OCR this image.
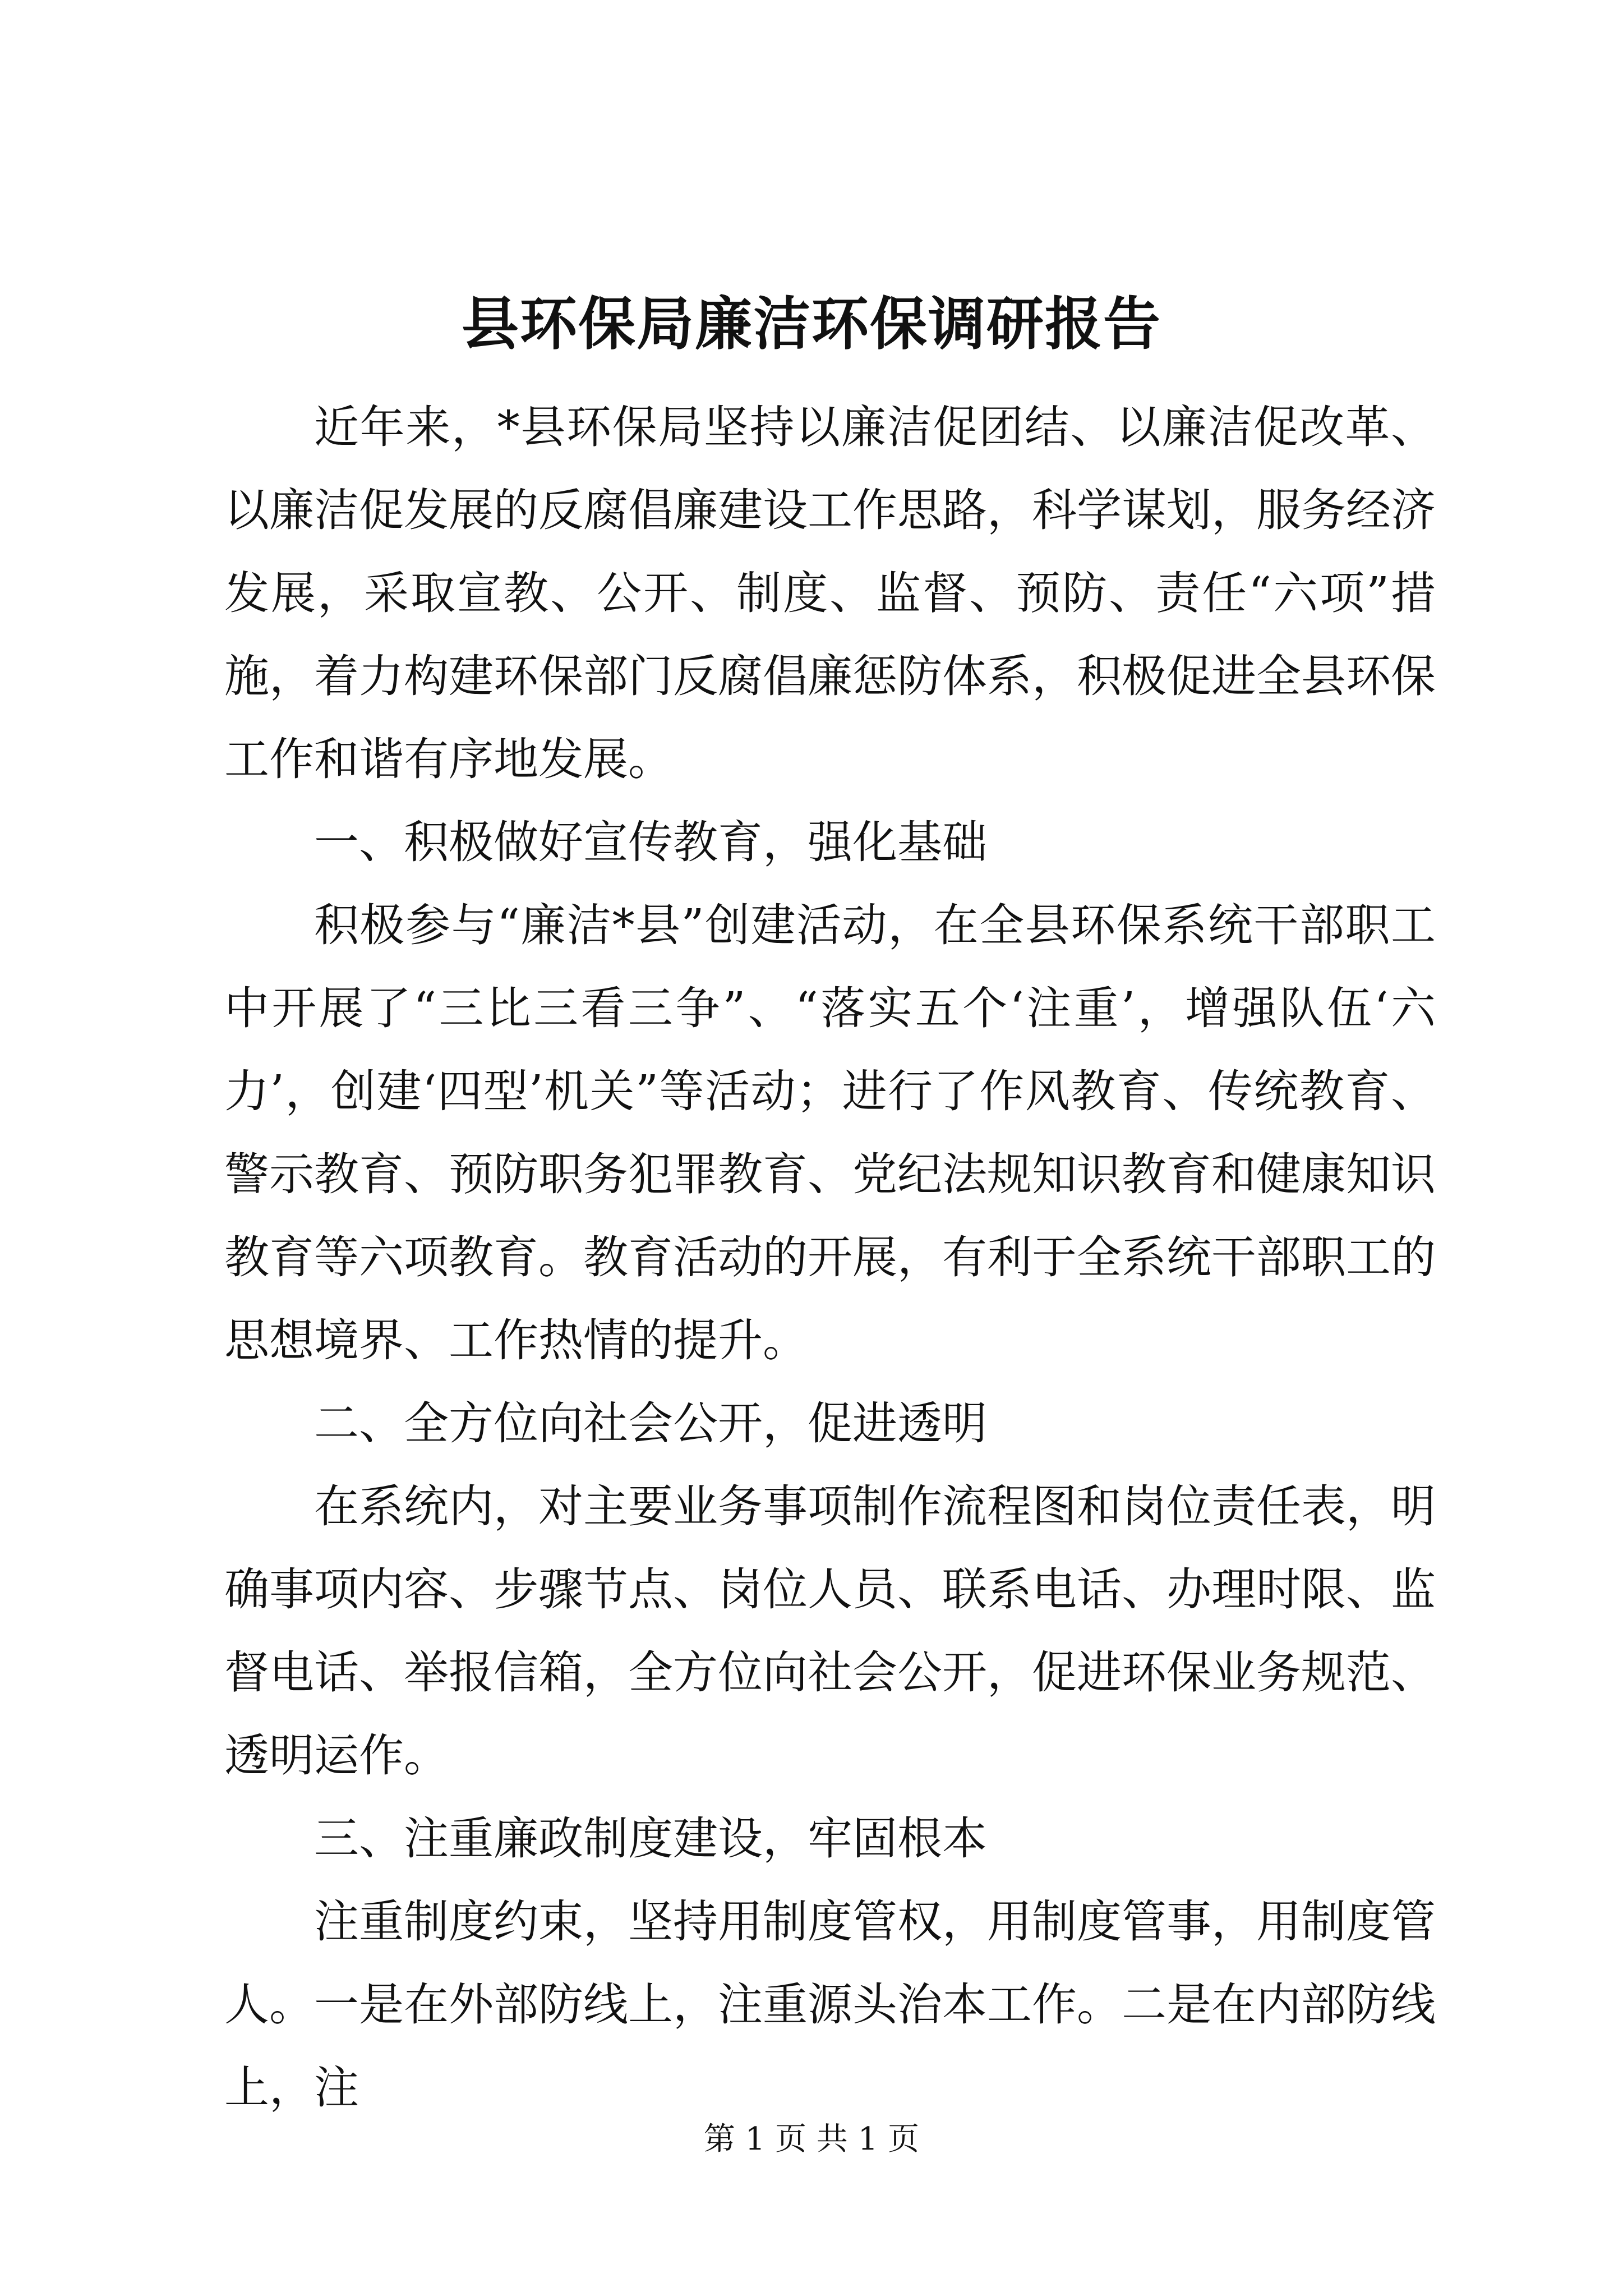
县环保局廉洁环保调研报告

近年来，*县环保局坚持以廉洁促团结、以廉洁促改革、以廉洁促发展的反腐倡廉建设工作思路，科学谋划，服务经济发展，采取宣教、公开、制度、监督、预防、责任“六项”措施，着力构建环保部门反腐倡廉惩防体系，积极促进全县环保工作和谐有序地发展。

一、积极做好宣传教育，强化基础

积极参与“廉洁*县”创建活动，在全县环保系统干部职工中开展了“三比三看三争”、“落实五个‘注重’，增强队伍‘六力’，创建‘四型’机关”等活动；进行了作风教育、传统教育、警示教育、预防职务犯罪教育、党纪法规知识教育和健康知识教育等六项教育。教育活动的开展，有利于全系统干部职工的思想境界、工作热情的提升。

二、全方位向社会公开，促进透明

在系统内，对主要业务事项制作流程图和岗位责任表，明确事项内容、步骤节点、岗位人员、联系电话、办理时限、监督电话、举报信箱，全方位向社会公开，促进环保业务规范、透明运作。

三、注重廉政制度建设，牢固根本

注重制度约束，坚持用制度管权，用制度管事，用制度管人。一是在外部防线上，注重源头治本工作。二是在内部防线上，注

第 1 页 共 1 页
